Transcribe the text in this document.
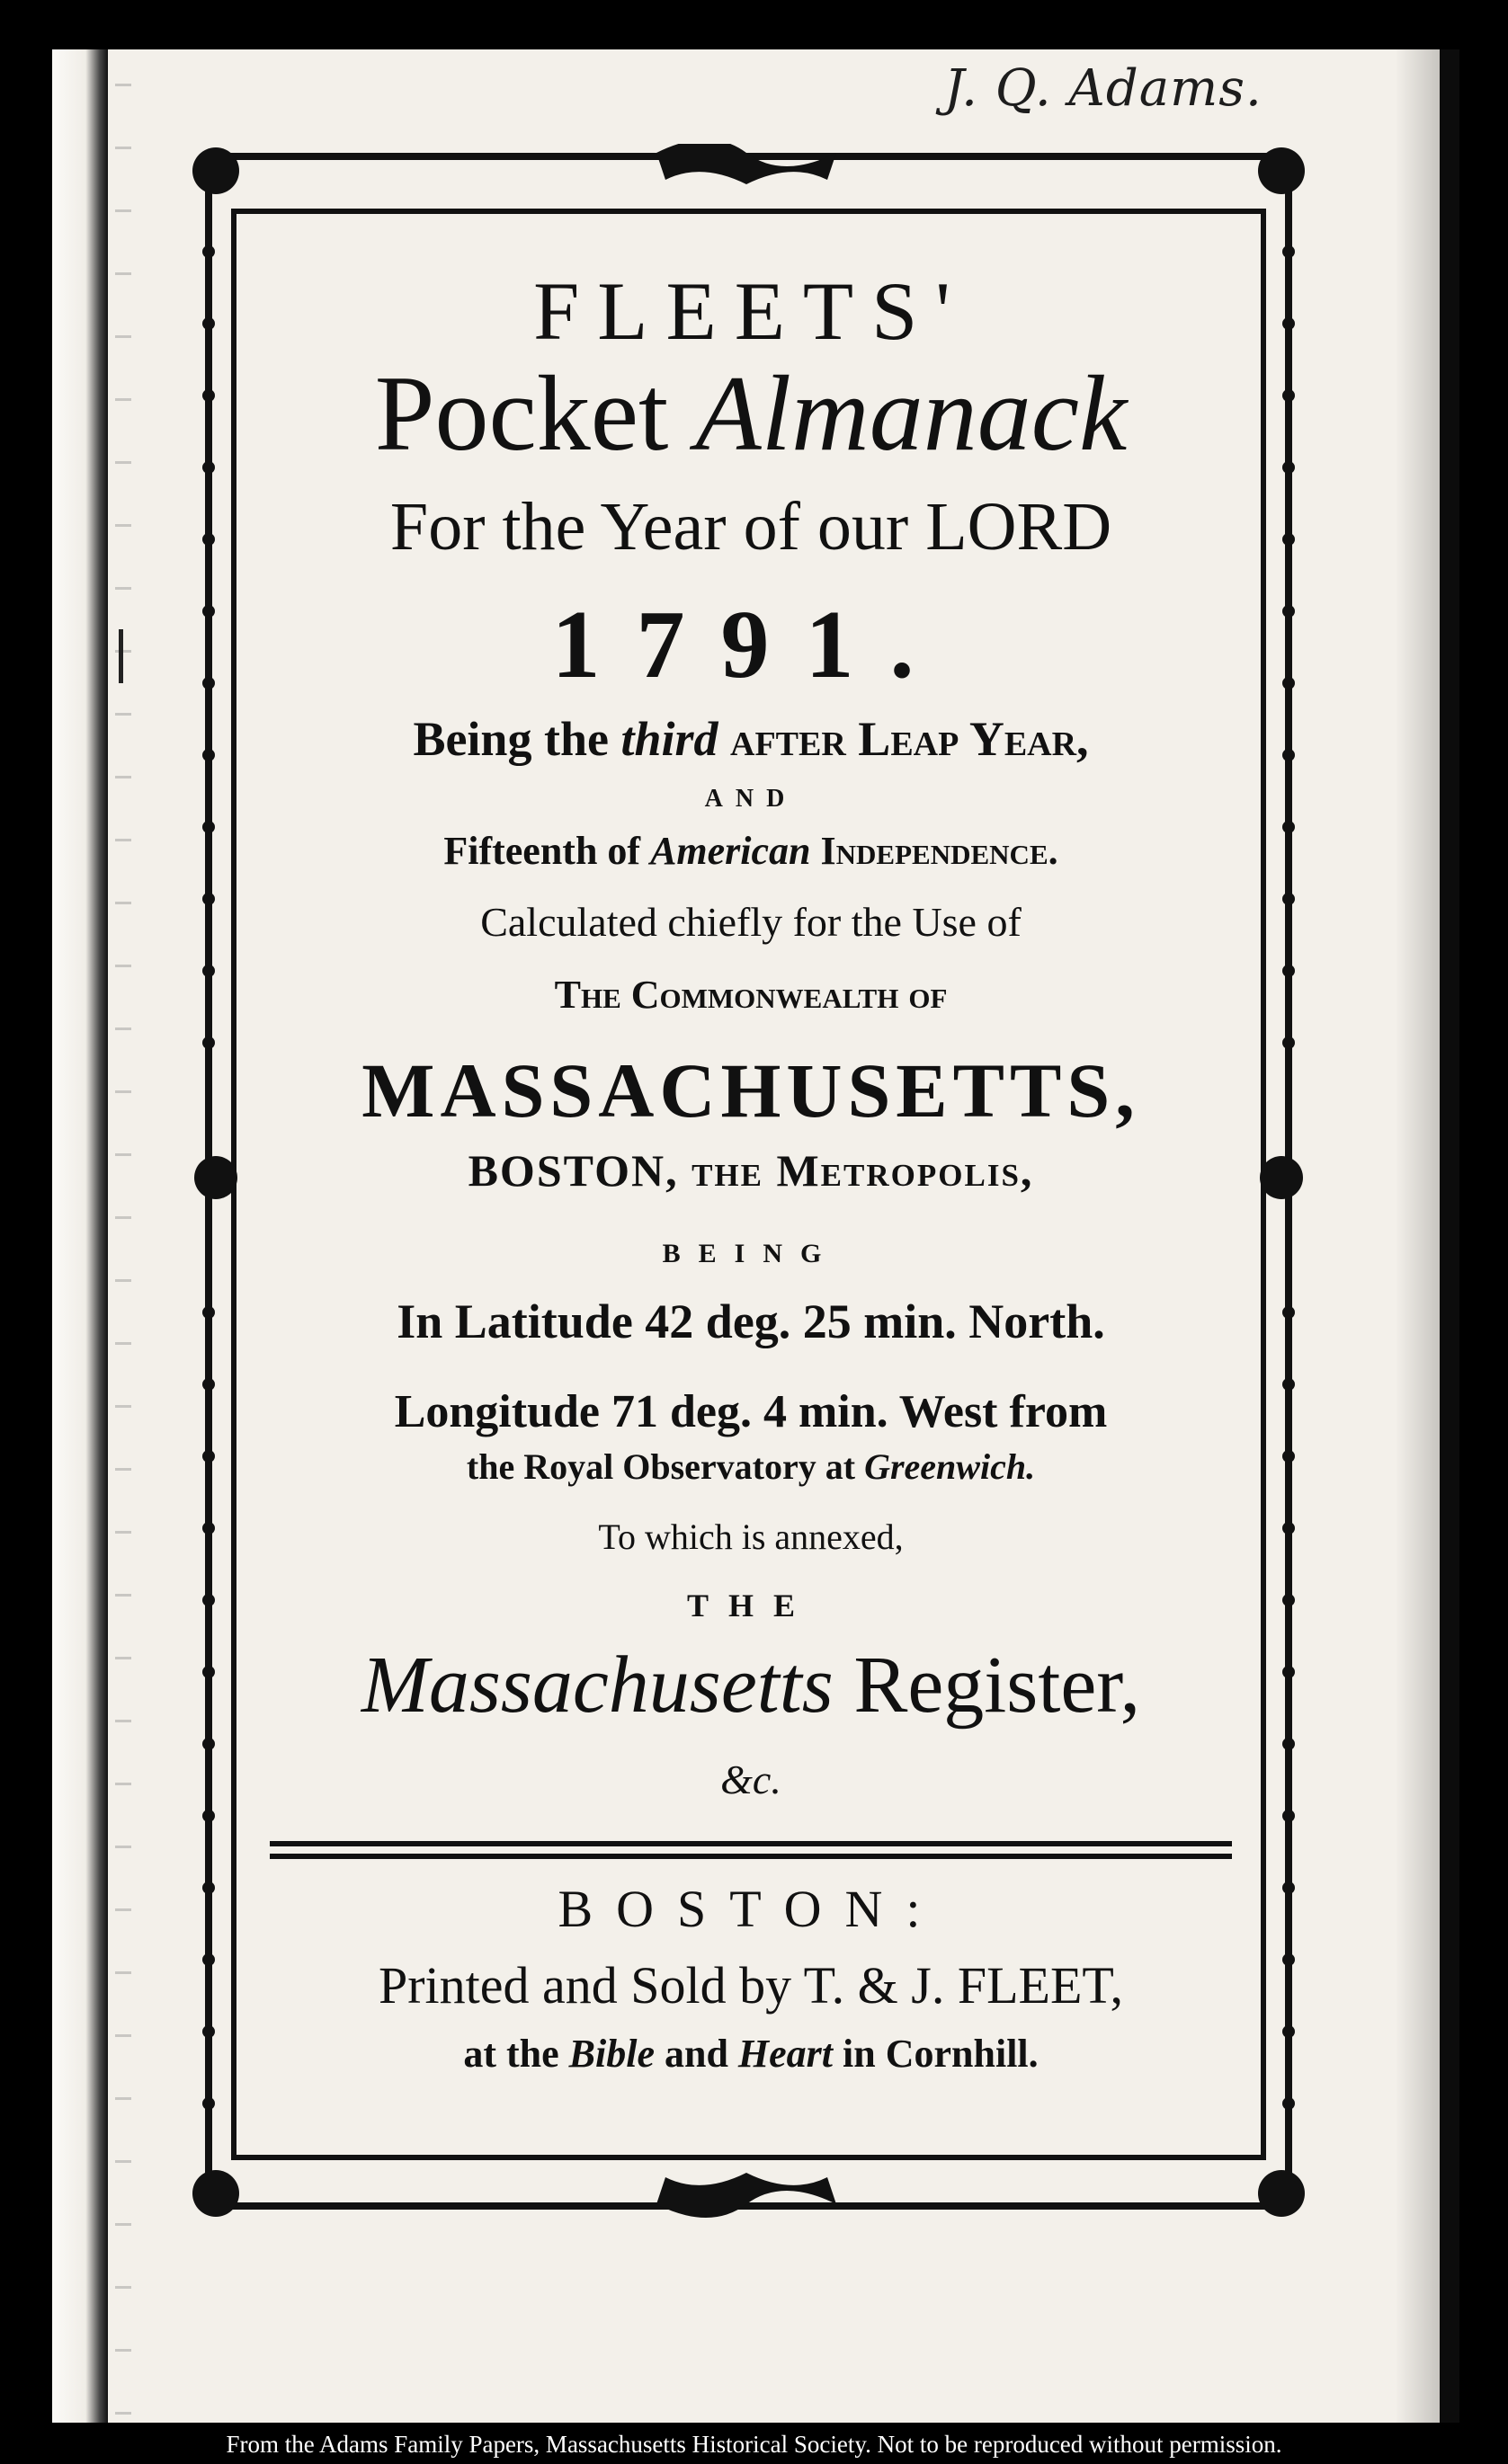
J. Q. Adams.
FLEETS'
Pocket Almanack
For the Year of our LORD
1791.
Being the third after Leap Year,
AND
Fifteenth of American Independence.
Calculated chiefly for the Use of
The Commonwealth of
MASSACHUSETTS,
BOSTON, the Metropolis,
BEING
In Latitude 42 deg. 25 min. North.
Longitude 71 deg. 4 min. West from
the Royal Observatory at Greenwich.
To which is annexed,
THE
Massachusetts Register,
&c.
BOSTON:
Printed and Sold by T. & J. FLEET,
at the Bible and Heart in Cornhill.
From the Adams Family Papers, Massachusetts Historical Society. Not to be reproduced without permission.
